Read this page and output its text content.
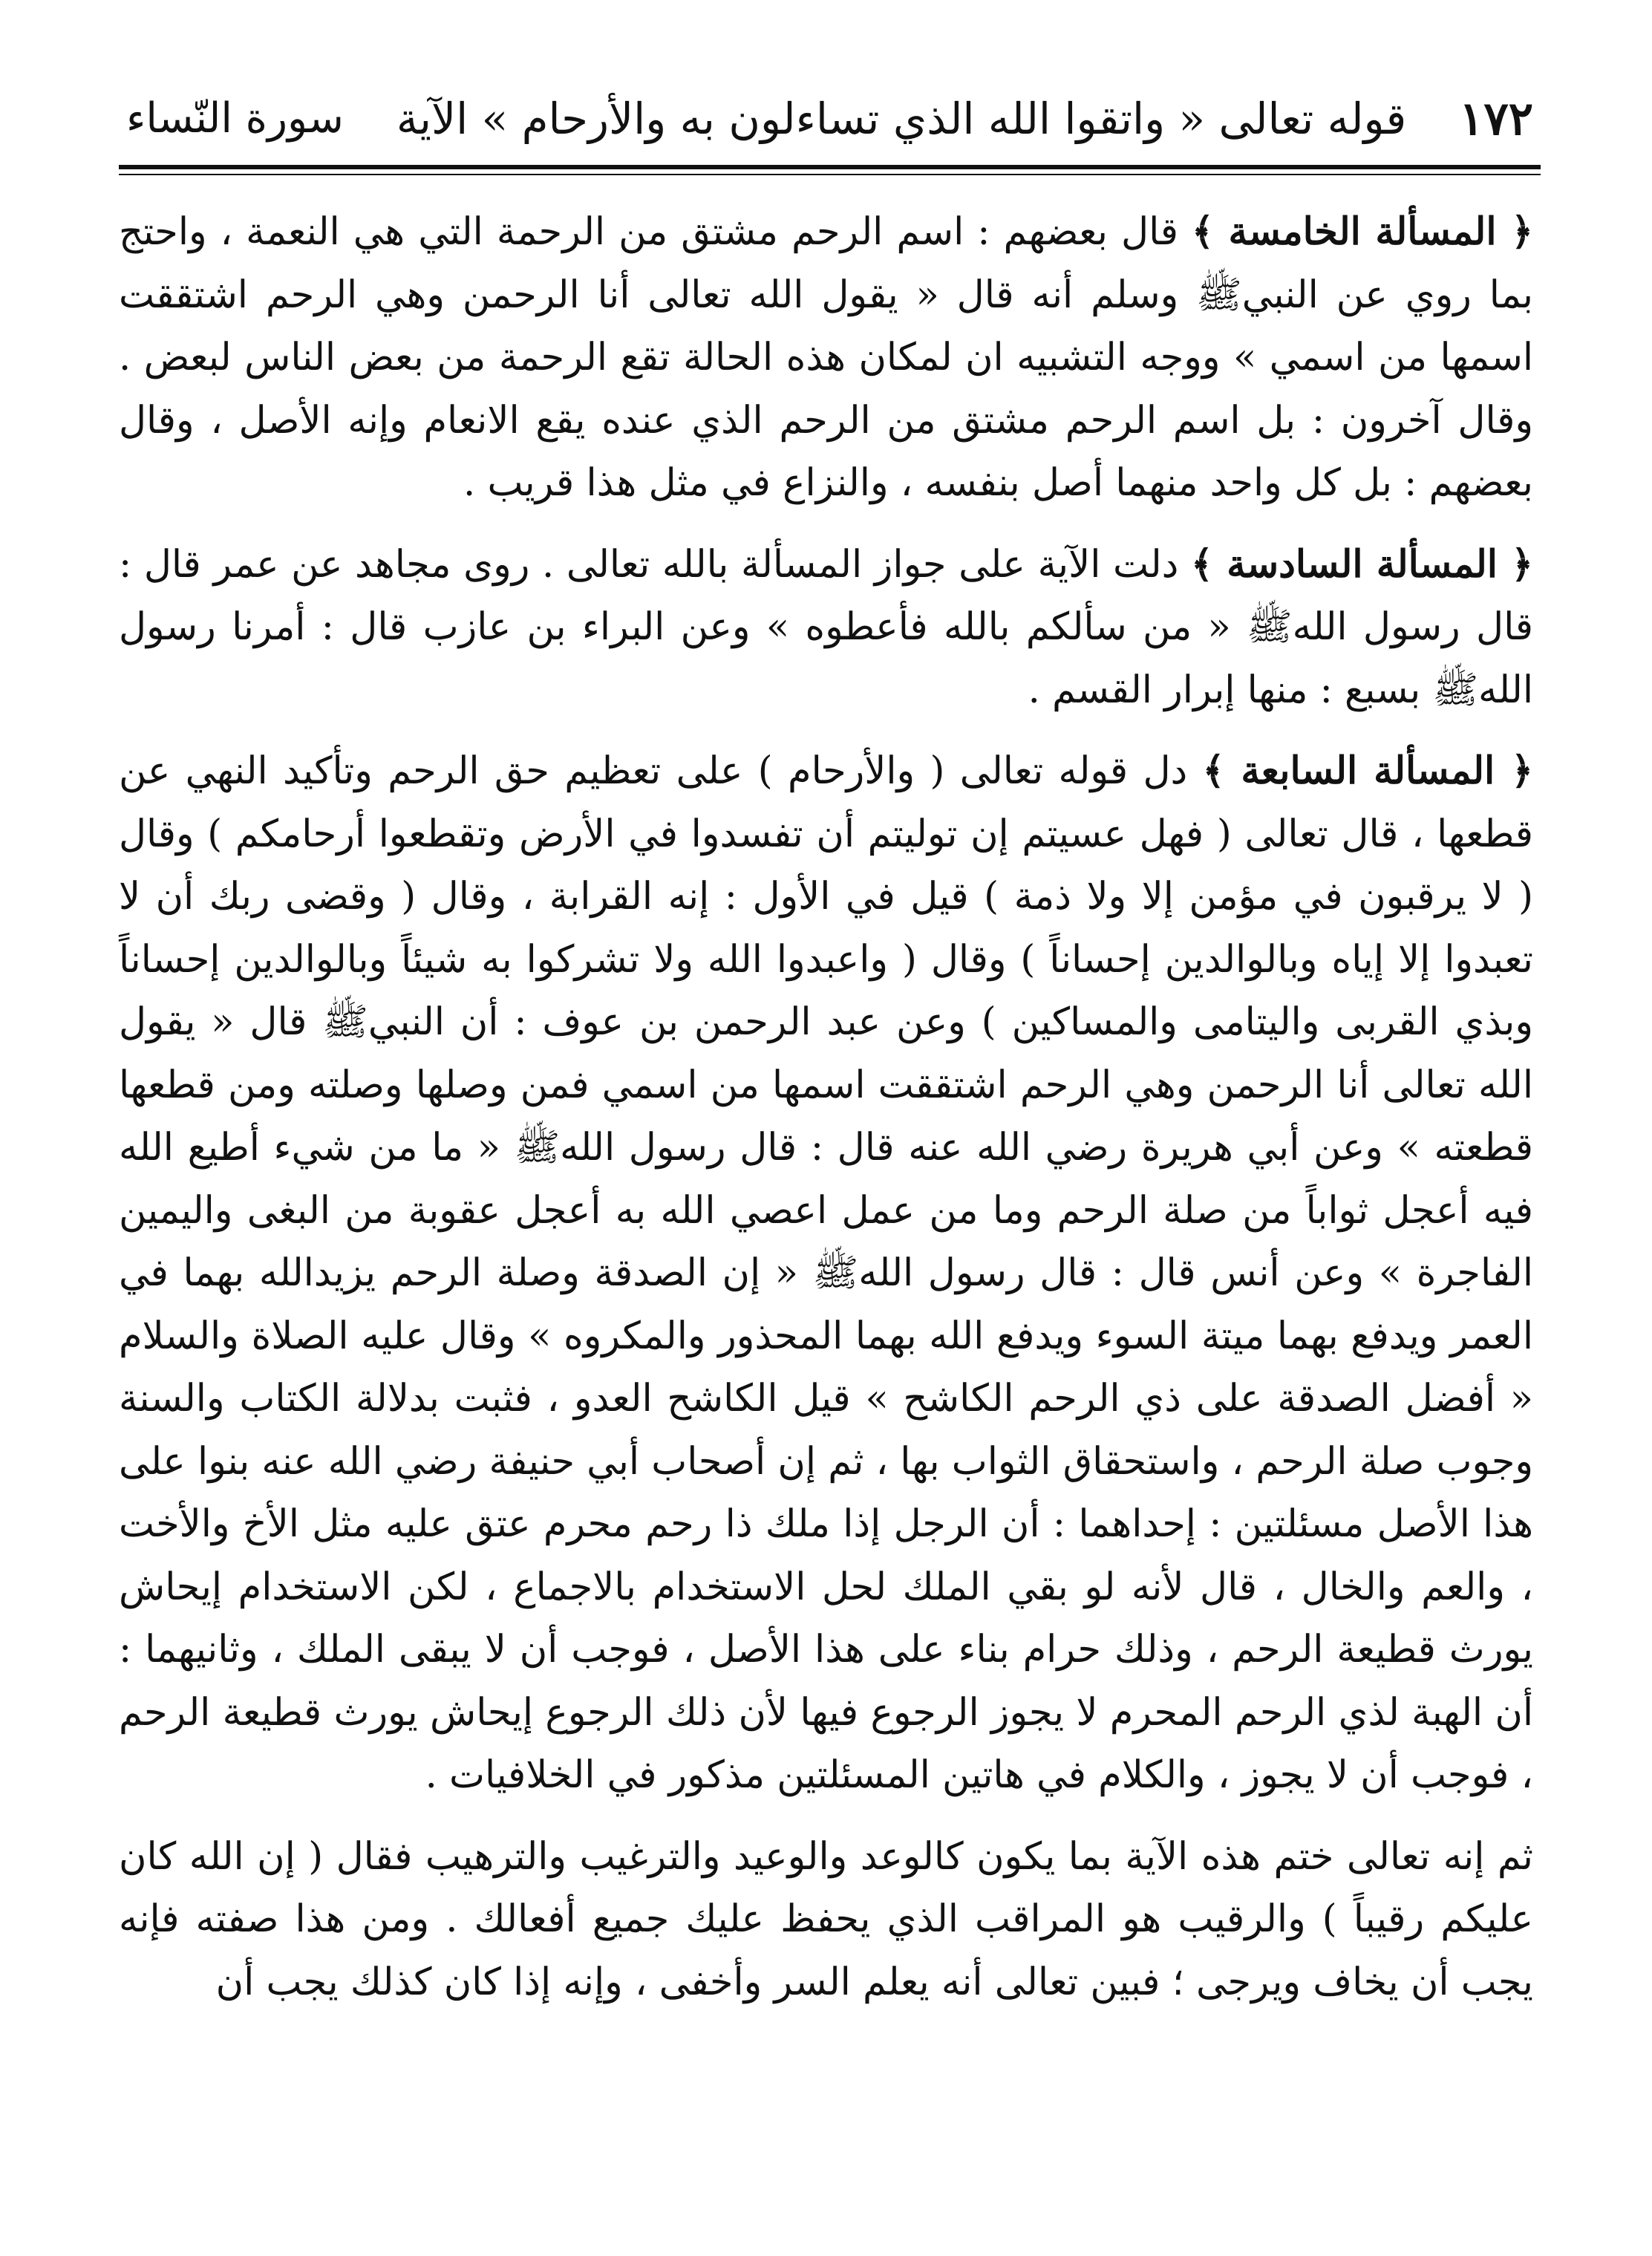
١٧٢
قوله تعالى « واتقوا الله الذي تساءلون به والأرحام » الآية
سورة النّساء

﴿ المسألة الخامسة ﴾ قال بعضهم : اسم الرحم مشتق من الرحمة التي هي النعمة ، واحتج بما روي عن النبيﷺ وسلم أنه قال « يقول الله تعالى أنا الرحمن وهي الرحم اشتققت اسمها من اسمي » ووجه التشبيه ان لمكان هذه الحالة تقع الرحمة من بعض الناس لبعض . وقال آخرون : بل اسم الرحم مشتق من الرحم الذي عنده يقع الانعام وإنه الأصل ، وقال بعضهم : بل كل واحد منهما أصل بنفسه ، والنزاع في مثل هذا قريب .

﴿ المسألة السادسة ﴾ دلت الآية على جواز المسألة بالله تعالى . روى مجاهد عن عمر قال : قال رسول اللهﷺ « من سألكم بالله فأعطوه » وعن البراء بن عازب قال : أمرنا رسول اللهﷺ بسبع : منها إبرار القسم .

﴿ المسألة السابعة ﴾ دل قوله تعالى ( والأرحام ) على تعظيم حق الرحم وتأكيد النهي عن قطعها ، قال تعالى ( فهل عسيتم إن توليتم أن تفسدوا في الأرض وتقطعوا أرحامكم ) وقال ( لا يرقبون في مؤمن إلا ولا ذمة ) قيل في الأول : إنه القرابة ، وقال ( وقضى ربك أن لا تعبدوا إلا إياه وبالوالدين إحساناً ) وقال ( واعبدوا الله ولا تشركوا به شيئاً وبالوالدين إحساناً وبذي القربى واليتامى والمساكين ) وعن عبد الرحمن بن عوف : أن النبيﷺ قال « يقول الله تعالى أنا الرحمن وهي الرحم اشتققت اسمها من اسمي فمن وصلها وصلته ومن قطعها قطعته » وعن أبي هريرة رضي الله عنه قال : قال رسول اللهﷺ « ما من شيء أطيع الله فيه أعجل ثواباً من صلة الرحم وما من عمل اعصي الله به أعجل عقوبة من البغى واليمين الفاجرة » وعن أنس قال : قال رسول اللهﷺ « إن الصدقة وصلة الرحم يزيدالله بهما في العمر ويدفع بهما ميتة السوء ويدفع الله بهما المحذور والمكروه » وقال عليه الصلاة والسلام « أفضل الصدقة على ذي الرحم الكاشح » قيل الكاشح العدو ، فثبت بدلالة الكتاب والسنة وجوب صلة الرحم ، واستحقاق الثواب بها ، ثم إن أصحاب أبي حنيفة رضي الله عنه بنوا على هذا الأصل مسئلتين : إحداهما : أن الرجل إذا ملك ذا رحم محرم عتق عليه مثل الأخ والأخت ، والعم والخال ، قال لأنه لو بقي الملك لحل الاستخدام بالاجماع ، لكن الاستخدام إيحاش يورث قطيعة الرحم ، وذلك حرام بناء على هذا الأصل ، فوجب أن لا يبقى الملك ، وثانيهما : أن الهبة لذي الرحم المحرم لا يجوز الرجوع فيها لأن ذلك الرجوع إيحاش يورث قطيعة الرحم ، فوجب أن لا يجوز ، والكلام في هاتين المسئلتين مذكور في الخلافيات .

ثم إنه تعالى ختم هذه الآية بما يكون كالوعد والوعيد والترغيب والترهيب فقال ( إن الله كان عليكم رقيباً ) والرقيب هو المراقب الذي يحفظ عليك جميع أفعالك . ومن هذا صفته فإنه يجب أن يخاف ويرجى ؛ فبين تعالى أنه يعلم السر وأخفى ، وإنه إذا كان كذلك يجب أن
